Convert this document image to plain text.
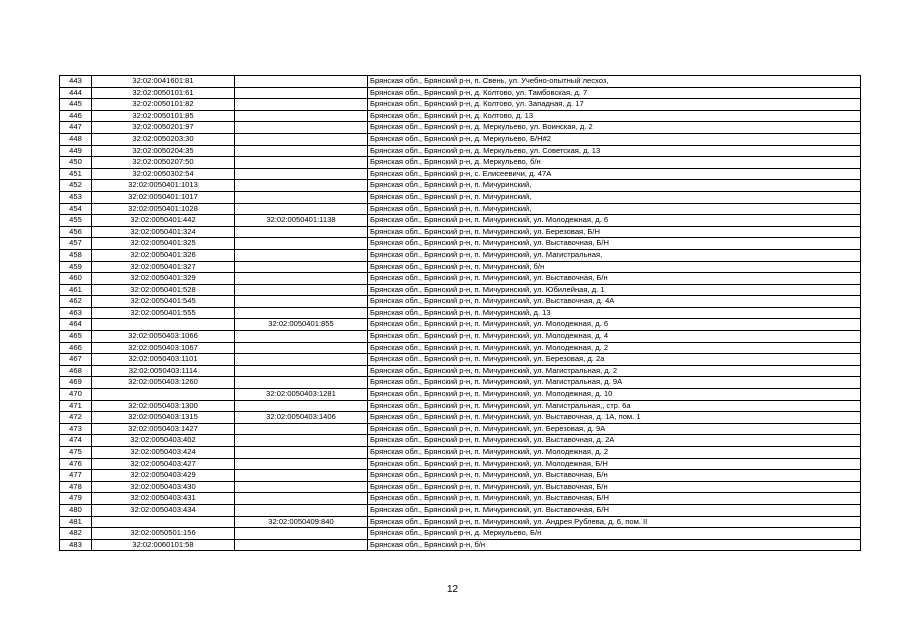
443	32:02:0041601:81		Брянская обл., Брянский р-н, п. Свень, ул. Учебно-опытный лесхоз,
444	32:02:0050101:61		Брянская обл., Брянский р-н, д. Колтово, ул. Тамбовская, д. 7
445	32:02:0050101:82		Брянская обл., Брянский р-н, д. Колтово, ул. Западная, д. 17
446	32:02:0050101:85		Брянская обл., Брянский р-н, д. Колтово, д. 13
447	32:02:0050201:97		Брянская обл., Брянский р-н, д. Меркульево, ул. Воинская, д. 2
448	32:02:0050203:30		Брянская обл., Брянский р-н, д. Меркульево, Б/Н#2
449	32:02:0050204:35		Брянская обл., Брянский р-н, д. Меркульево, ул. Советская, д. 13
450	32:02:0050207:50		Брянская обл., Брянский р-н, д. Меркульево, б/н
451	32:02:0050302:54		Брянская обл., Брянский р-н, с. Елисеевичи, д. 47А
452	32:02:0050401:1013		Брянская обл., Брянский р-н, п. Мичуринский,
453	32:02:0050401:1017		Брянская обл., Брянский р-н, п. Мичуринский,
454	32:02:0050401:1028		Брянская обл., Брянский р-н, п. Мичуринский,
455	32:02:0050401:442	32:02:0050401:1138	Брянская обл., Брянский р-н, п. Мичуринский, ул. Молодежная, д. 6
456	32:02:0050401:324		Брянская обл., Брянский р-н, п. Мичуринский, ул. Березовая, Б/Н
457	32:02:0050401:325		Брянская обл., Брянский р-н, п. Мичуринский, ул. Выставочная, Б/Н
458	32:02:0050401:326		Брянская обл., Брянский р-н, п. Мичуринский, ул. Магистральная,
459	32:02:0050401:327		Брянская обл., Брянский р-н, п. Мичуринский, б/н
460	32:02:0050401:329		Брянская обл., Брянский р-н, п. Мичуринский, ул. Выставочная, Б/н
461	32:02:0050401:528		Брянская обл., Брянский р-н, п. Мичуринский, ул. Юбилейная, д. 1
462	32:02:0050401:545		Брянская обл., Брянский р-н, п. Мичуринский, ул. Выставочная, д. 4А
463	32:02:0050401:555		Брянская обл., Брянский р-н, п. Мичуринский, д. 13
464		32:02:0050401:855	Брянская обл., Брянский р-н, п. Мичуринский, ул. Молодежная, д. 6
465	32:02:0050403:1066		Брянская обл., Брянский р-н, п. Мичуринский, ул. Молодежная, д. 4
466	32:02:0050403:1067		Брянская обл., Брянский р-н, п. Мичуринский, ул. Молодежная, д. 2
467	32:02:0050403:1101		Брянская обл., Брянский р-н, п. Мичуринский, ул. Березовая, д. 2а
468	32:02:0050403:1114		Брянская обл., Брянский р-н, п. Мичуринский, ул. Магистральная, д. 2
469	32:02:0050403:1260		Брянская обл., Брянский р-н, п. Мичуринский, ул. Магистральная, д. 9А
470		32:02:0050403:1281	Брянская обл., Брянский р-н, п. Мичуринский, ул. Молодежная, д. 10
471	32:02:0050403:1300		Брянская обл., Брянский р-н, п. Мичуринский, ул. Магистральная,, стр. 6а
472	32:02:0050403:1315	32:02:0050403:1406	Брянская обл., Брянский р-н, п. Мичуринский, ул. Выставочная, д. 1А, пом. 1
473	32:02:0050403:1427		Брянская обл., Брянский р-н, п. Мичуринский, ул. Березовая, д. 9А
474	32:02:0050403:402		Брянская обл., Брянский р-н, п. Мичуринский, ул. Выставочная, д. 2А
475	32:02:0050403:424		Брянская обл., Брянский р-н, п. Мичуринский, ул. Молодежная, д. 2
476	32:02:0050403:427		Брянская обл., Брянский р-н, п. Мичуринский, ул. Молодежная, Б/Н
477	32:02:0050403:429		Брянская обл., Брянский р-н, п. Мичуринский, ул. Выставочная, Б/н
478	32:02:0050403:430		Брянская обл., Брянский р-н, п. Мичуринский, ул. Выставочная, Б/н
479	32:02:0050403:431		Брянская обл., Брянский р-н, п. Мичуринский, ул. Выставочная, Б/Н
480	32:02:0050403:434		Брянская обл., Брянский р-н, п. Мичуринский, ул. Выставочная, Б/Н
481		32:02:0050409:840	Брянская обл., Брянский р-н, п. Мичуринский, ул. Андрея Рублева, д. 6, пом. II
482	32:02:0050501:156		Брянская обл., Брянский р-н, д. Меркульево, Б/н
483	32:02:0060101:58		Брянская обл., Брянский р-н, б/н
12
